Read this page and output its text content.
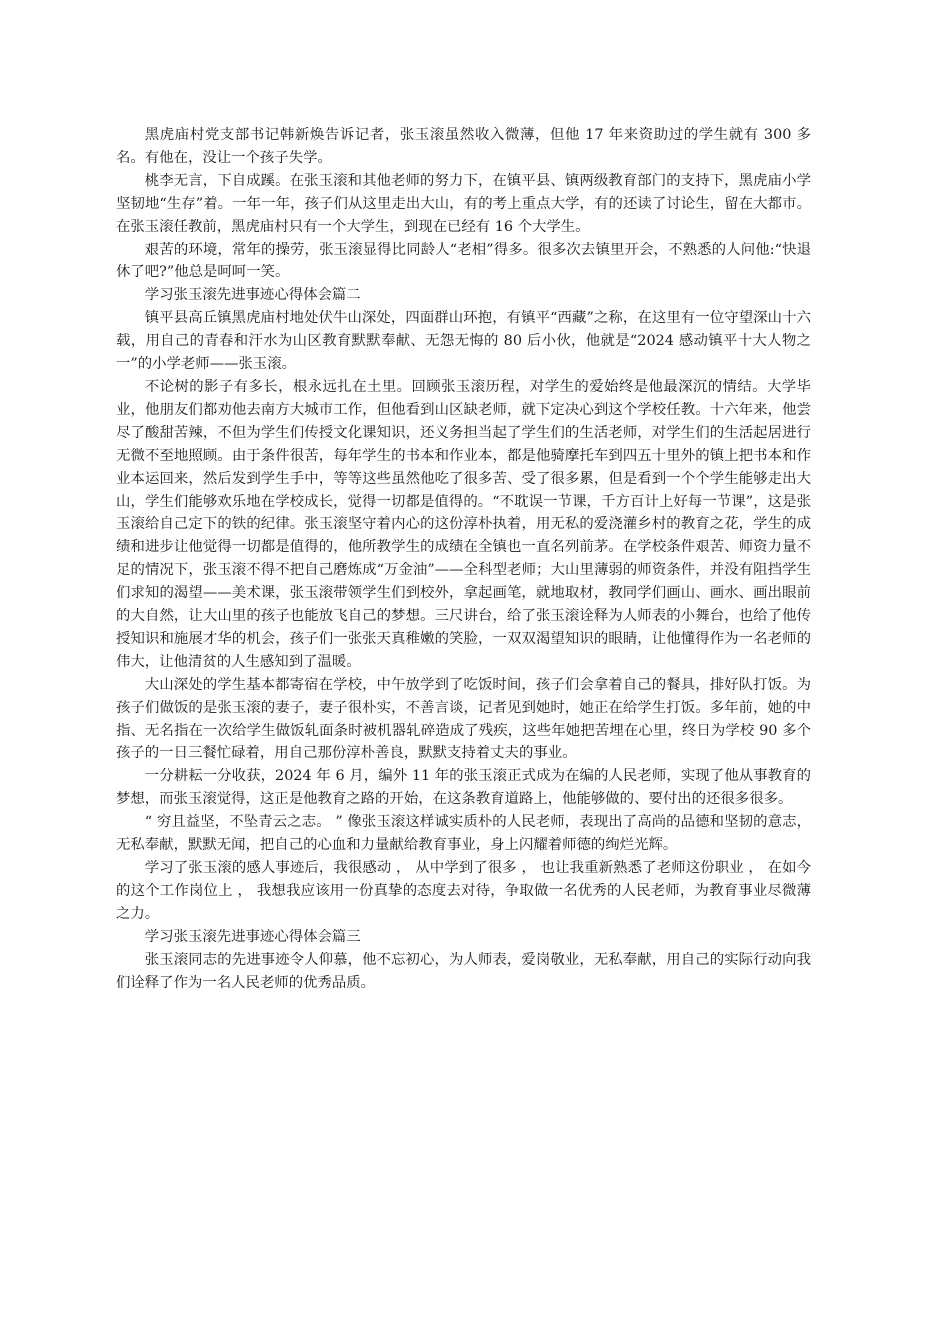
黑虎庙村党支部书记韩新焕告诉记者，张玉滚虽然收入微薄，但他 17 年来资助过的学生就有 300 多名。有他在，没让一个孩子失学。

桃李无言，下自成蹊。在张玉滚和其他老师的努力下，在镇平县、镇两级教育部门的支持下，黑虎庙小学坚韧地“生存”着。一年一年，孩子们从这里走出大山，有的考上重点大学，有的还读了讨论生，留在大都市。在张玉滚任教前，黑虎庙村只有一个大学生，到现在已经有 16 个大学生。

艰苦的环境，常年的操劳，张玉滚显得比同龄人“老相”得多。很多次去镇里开会，不熟悉的人问他:“快退休了吧?”他总是呵呵一笑。

学习张玉滚先进事迹心得体会篇二

镇平县高丘镇黑虎庙村地处伏牛山深处，四面群山环抱，有镇平“西藏”之称，在这里有一位守望深山十六载，用自己的青春和汗水为山区教育默默奉献、无怨无悔的 80 后小伙，他就是“2024 感动镇平十大人物之一”的小学老师——张玉滚。

不论树的影子有多长，根永远扎在土里。回顾张玉滚历程，对学生的爱始终是他最深沉的情结。大学毕业，他朋友们都劝他去南方大城市工作，但他看到山区缺老师，就下定决心到这个学校任教。十六年来，他尝尽了酸甜苦辣，不但为学生们传授文化课知识，还义务担当起了学生们的生活老师，对学生们的生活起居进行无微不至地照顾。由于条件很苦，每年学生的书本和作业本，都是他骑摩托车到四五十里外的镇上把书本和作业本运回来，然后发到学生手中，等等这些虽然他吃了很多苦、受了很多累，但是看到一个个学生能够走出大山，学生们能够欢乐地在学校成长，觉得一切都是值得的。“不耽误一节课，千方百计上好每一节课”，这是张玉滚给自己定下的铁的纪律。张玉滚坚守着内心的这份淳朴执着，用无私的爱浇灌乡村的教育之花，学生的成绩和进步让他觉得一切都是值得的，他所教学生的成绩在全镇也一直名列前茅。在学校条件艰苦、师资力量不足的情况下，张玉滚不得不把自己磨炼成“万金油”——全科型老师；大山里薄弱的师资条件，并没有阻挡学生们求知的渴望——美术课，张玉滚带领学生们到校外，拿起画笔，就地取材，教同学们画山、画水、画出眼前的大自然，让大山里的孩子也能放飞自己的梦想。三尺讲台，给了张玉滚诠释为人师表的小舞台，也给了他传授知识和施展才华的机会，孩子们一张张天真稚嫩的笑脸，一双双渴望知识的眼睛，让他懂得作为一名老师的伟大，让他清贫的人生感知到了温暖。

大山深处的学生基本都寄宿在学校，中午放学到了吃饭时间，孩子们会拿着自己的餐具，排好队打饭。为孩子们做饭的是张玉滚的妻子，妻子很朴实，不善言谈，记者见到她时，她正在给学生打饭。多年前，她的中指、无名指在一次给学生做饭轧面条时被机器轧碎造成了残疾，这些年她把苦埋在心里，终日为学校 90 多个孩子的一日三餐忙碌着，用自己那份淳朴善良，默默支持着丈夫的事业。

一分耕耘一分收获，2024 年 6 月，编外 11 年的张玉滚正式成为在编的人民老师，实现了他从事教育的梦想，而张玉滚觉得，这正是他教育之路的开始，在这条教育道路上，他能够做的、要付出的还很多很多。

“ 穷且益坚，不坠青云之志。 ” 像张玉滚这样诚实质朴的人民老师，表现出了高尚的品德和坚韧的意志，无私奉献，默默无闻，把自己的心血和力量献给教育事业，身上闪耀着师德的绚烂光辉。

学习了张玉滚的感人事迹后，我很感动 ， 从中学到了很多 ， 也让我重新熟悉了老师这份职业 ， 在如今的这个工作岗位上 ， 我想我应该用一份真挚的态度去对待，争取做一名优秀的人民老师，为教育事业尽微薄之力。

学习张玉滚先进事迹心得体会篇三

张玉滚同志的先进事迹令人仰慕，他不忘初心，为人师表，爱岗敬业，无私奉献，用自己的实际行动向我们诠释了作为一名人民老师的优秀品质。
